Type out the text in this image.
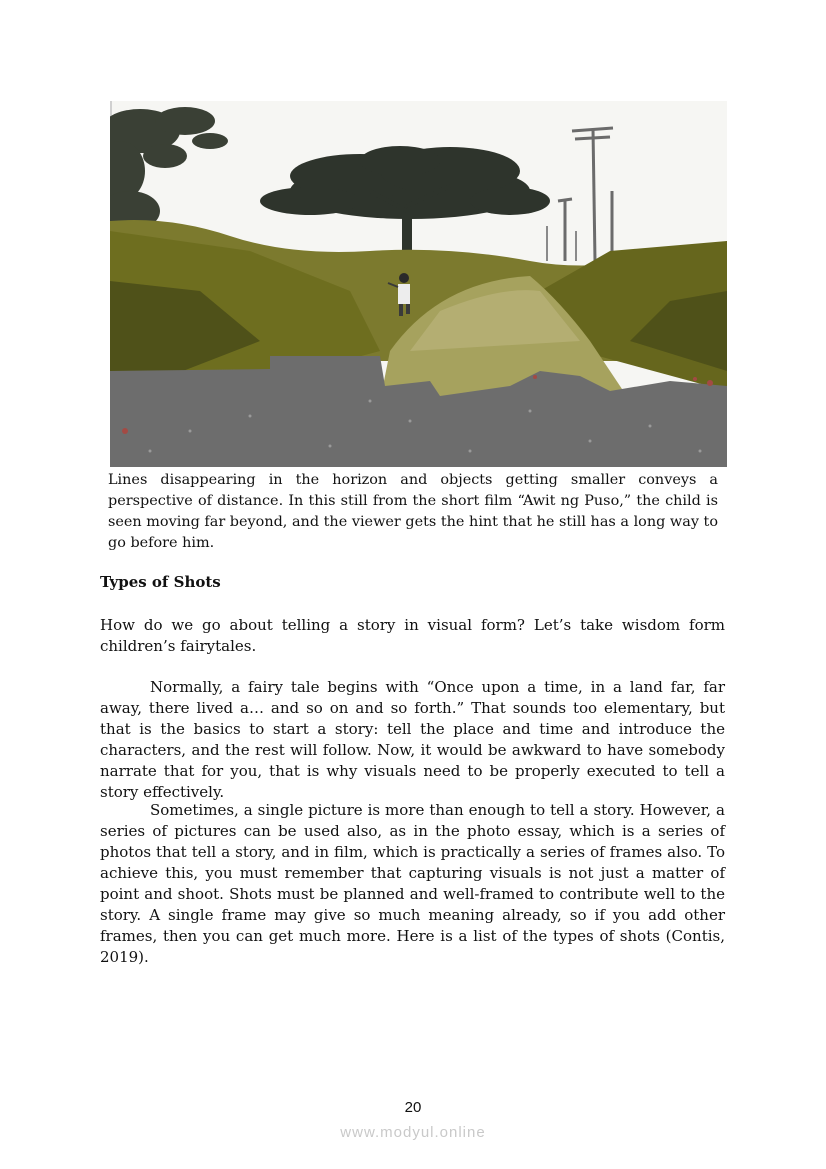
Lines disappearing in the horizon and objects getting smaller conveys a perspective of distance. In this still from the short film “Awit ng Puso,” the child is seen moving far beyond, and the viewer gets the hint that he still has a long way to go before him.

Types of Shots

How do we go about telling a story in visual form? Let’s take wisdom form children’s fairytales.

Normally, a fairy tale begins with “Once upon a time, in a land far, far away, there lived a… and so on and so forth.” That sounds too elementary, but that is the basics to start a story: tell the place and time and introduce the characters, and the rest will follow. Now, it would be awkward to have somebody narrate that for you, that is why visuals need to be properly executed to tell a story effectively.

Sometimes, a single picture is more than enough to tell a story. However, a series of pictures can be used also, as in the photo essay, which is a series of photos that tell a story, and in film, which is practically a series of frames also. To achieve this, you must remember that capturing visuals is not just a matter of point and shoot. Shots must be planned and well-framed to contribute well to the story. A single frame may give so much meaning already, so if you add other frames, then you can get much more. Here is a list of the types of shots (Contis, 2019).

20
www.modyul.online
